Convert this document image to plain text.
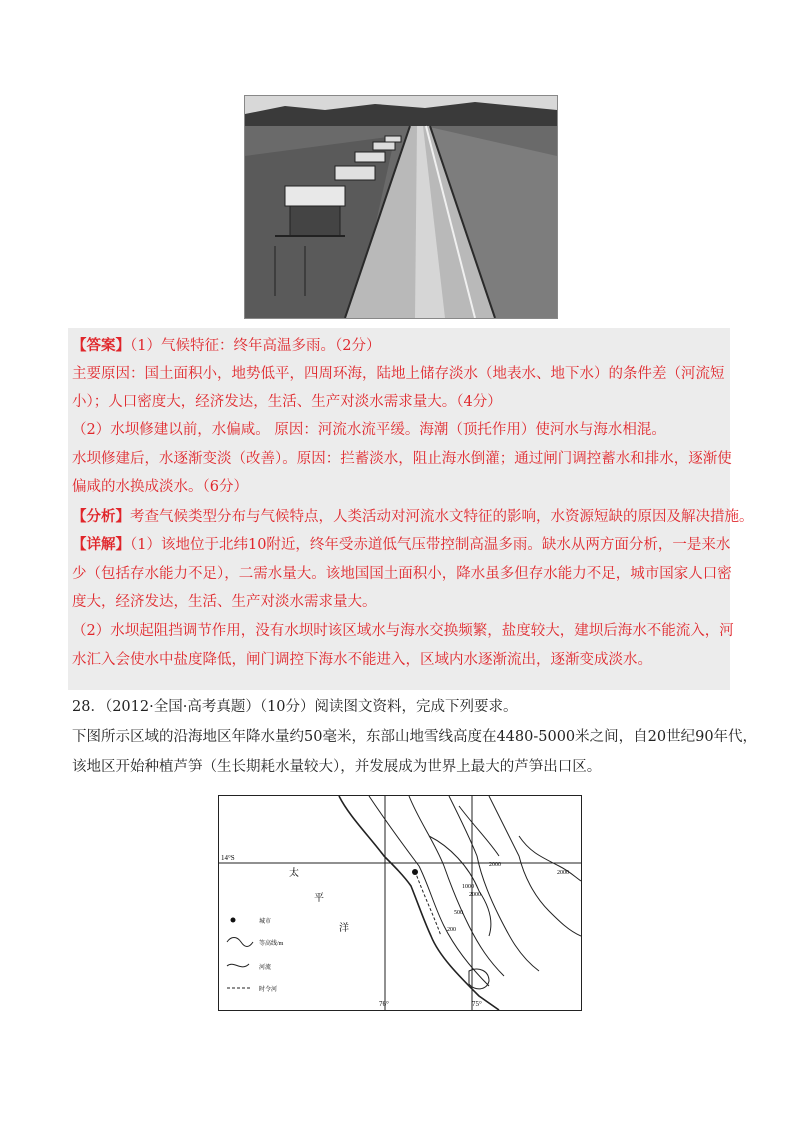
【答案】（1）气候特征：终年高温多雨。（2分）
主要原因：国土面积小，地势低平，四周环海，陆地上储存淡水（地表水、地下水）的条件差（河流短
小）；人口密度大，经济发达，生活、生产对淡水需求量大。（4分）
（2）水坝修建以前，水偏咸。 原因：河流水流平缓。海潮（顶托作用）使河水与海水相混。
水坝修建后，水逐渐变淡（改善）。原因：拦蓄淡水，阻止海水倒灌；通过闸门调控蓄水和排水，逐渐使
偏咸的水换成淡水。（6分）
【分析】考查气候类型分布与气候特点，人类活动对河流水文特征的影响，水资源短缺的原因及解决措施。
【详解】（1）该地位于北纬10附近，终年受赤道低气压带控制高温多雨。缺水从两方面分析，一是来水
少（包括存水能力不足），二需水量大。该地国国土面积小，降水虽多但存水能力不足，城市国家人口密
度大，经济发达，生活、生产对淡水需求量大。
（2）水坝起阻挡调节作用，没有水坝时该区域水与海水交换频繁，盐度较大，建坝后海水不能流入，河
水汇入会使水中盐度降低，闸门调控下海水不能进入，区域内水逐渐流出，逐渐变成淡水。
28．（2012·全国·高考真题）（10分）阅读图文资料，完成下列要求。
下图所示区域的沿海地区年降水量约50毫米，东部山地雪线高度在4480-5000米之间，自20世纪90年代，
该地区开始种植芦笋（生长期耗水量较大），并发展成为世界上最大的芦笋出口区。
14°S
76°	75°
2000
2000
500
200
1000
2000
太
平
洋
城市
等高线/m
河流
时令河
